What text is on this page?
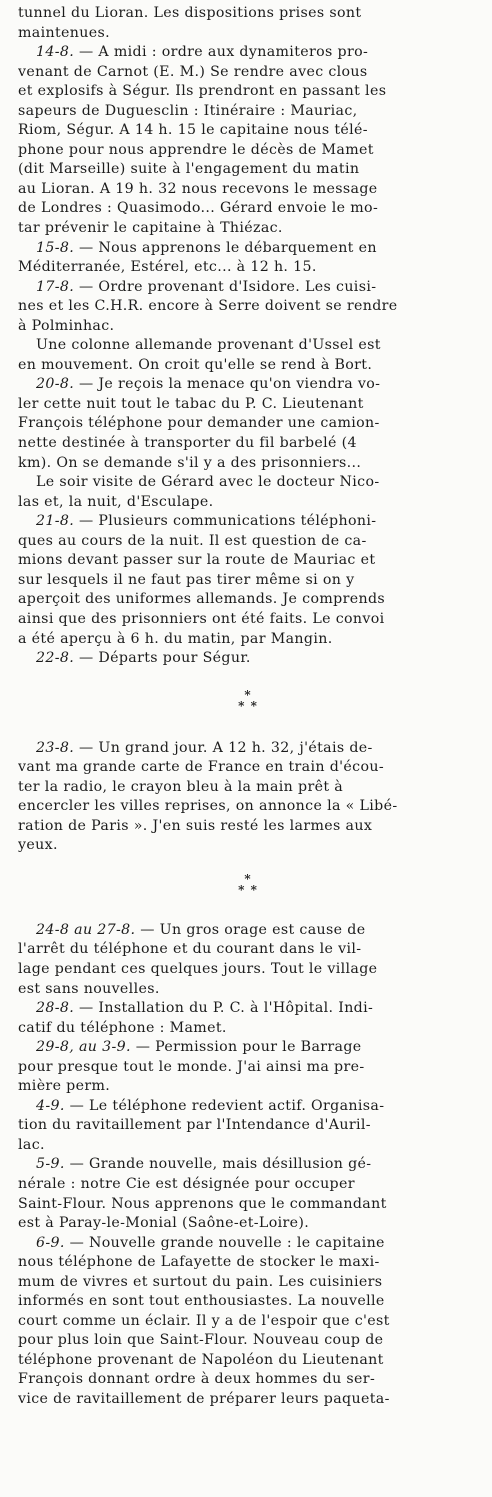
tunnel du Lioran. Les dispositions prises sont
maintenues.
14-8. — A midi : ordre aux dynamiteros pro-
venant de Carnot (E. M.) Se rendre avec clous
et explosifs à Ségur. Ils prendront en passant les
sapeurs de Duguesclin : Itinéraire : Mauriac,
Riom, Ségur. A 14 h. 15 le capitaine nous télé-
phone pour nous apprendre le décès de Mamet
(dit Marseille) suite à l'engagement du matin
au Lioran. A 19 h. 32 nous recevons le message
de Londres : Quasimodo... Gérard envoie le mo-
tar prévenir le capitaine à Thiézac.
15-8. — Nous apprenons le débarquement en
Méditerranée, Estérel, etc... à 12 h. 15.
17-8. — Ordre provenant d'Isidore. Les cuisi-
nes et les C.H.R. encore à Serre doivent se rendre
à Polminhac.
Une colonne allemande provenant d'Ussel est
en mouvement. On croit qu'elle se rend à Bort.
20-8. — Je reçois la menace qu'on viendra vo-
ler cette nuit tout le tabac du P. C. Lieutenant
François téléphone pour demander une camion-
nette destinée à transporter du fil barbelé (4
km). On se demande s'il y a des prisonniers...
Le soir visite de Gérard avec le docteur Nico-
las et, la nuit, d'Esculape.
21-8. — Plusieurs communications téléphoni-
ques au cours de la nuit. Il est question de ca-
mions devant passer sur la route de Mauriac et
sur lesquels il ne faut pas tirer même si on y
aperçoit des uniformes allemands. Je comprends
ainsi que des prisonniers ont été faits. Le convoi
a été aperçu à 6 h. du matin, par Mangin.
22-8. — Départs pour Ségur.

*
* *

23-8. — Un grand jour. A 12 h. 32, j'étais de-
vant ma grande carte de France en train d'écou-
ter la radio, le crayon bleu à la main prêt à
encercler les villes reprises, on annonce la « Libé-
ration de Paris ». J'en suis resté les larmes aux
yeux.

*
* *

24-8 au 27-8. — Un gros orage est cause de
l'arrêt du téléphone et du courant dans le vil-
lage pendant ces quelques jours. Tout le village
est sans nouvelles.
28-8. — Installation du P. C. à l'Hôpital. Indi-
catif du téléphone : Mamet.
29-8, au 3-9. — Permission pour le Barrage
pour presque tout le monde. J'ai ainsi ma pre-
mière perm.
4-9. — Le téléphone redevient actif. Organisa-
tion du ravitaillement par l'Intendance d'Auril-
lac.
5-9. — Grande nouvelle, mais désillusion gé-
nérale : notre Cie est désignée pour occuper
Saint-Flour. Nous apprenons que le commandant
est à Paray-le-Monial (Saône-et-Loire).
6-9. — Nouvelle grande nouvelle : le capitaine
nous téléphone de Lafayette de stocker le maxi-
mum de vivres et surtout du pain. Les cuisiniers
informés en sont tout enthousiastes. La nouvelle
court comme un éclair. Il y a de l'espoir que c'est
pour plus loin que Saint-Flour. Nouveau coup de
téléphone provenant de Napoléon du Lieutenant
François donnant ordre à deux hommes du ser-
vice de ravitaillement de préparer leurs paqueta-
